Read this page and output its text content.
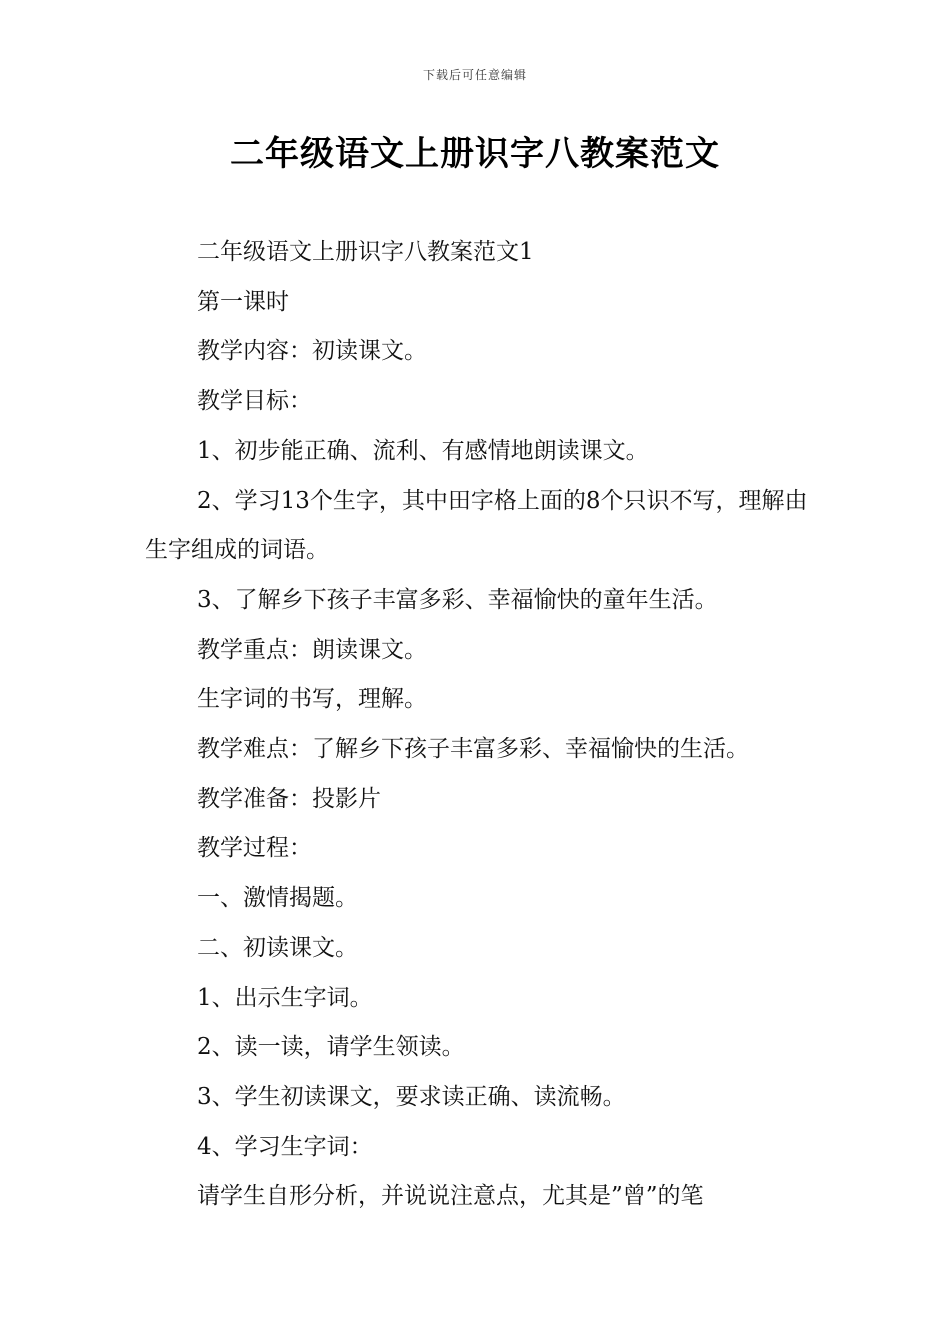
下载后可任意编辑
二年级语文上册识字八教案范文

二年级语文上册识字八教案范文1

第一课时

教学内容：初读课文。

教学目标：

1、初步能正确、流利、有感情地朗读课文。

2、学习13个生字，其中田字格上面的8个只识不写，理解由生字组成的词语。

3、了解乡下孩子丰富多彩、幸福愉快的童年生活。

教学重点：朗读课文。

生字词的书写，理解。

教学难点：了解乡下孩子丰富多彩、幸福愉快的生活。

教学准备：投影片

教学过程：

一、激情揭题。

二、初读课文。

1、出示生字词。

2、读一读，请学生领读。

3、学生初读课文，要求读正确、读流畅。

4、学习生字词：

请学生自形分析，并说说注意点，尤其是”曾”的笔
